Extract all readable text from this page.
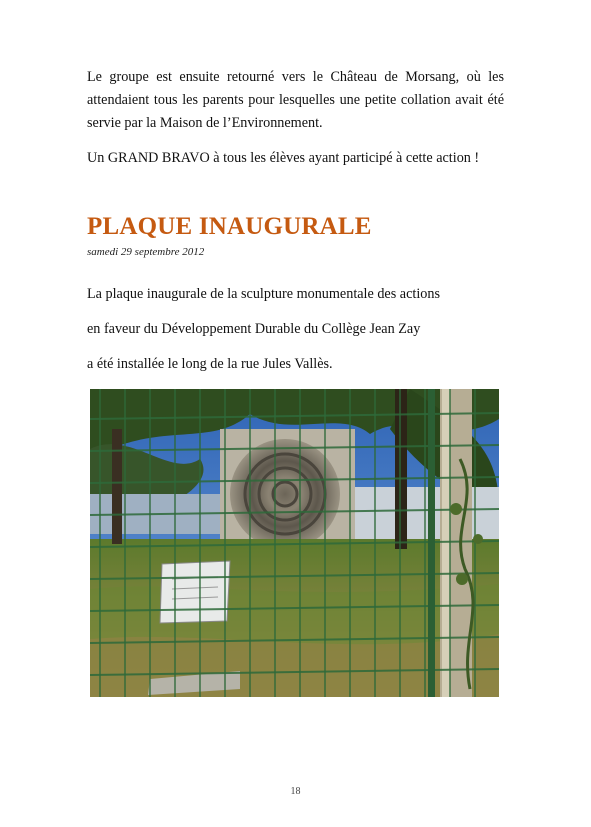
Le groupe est ensuite retourné vers le Château de Morsang, où les attendaient tous les parents pour lesquelles une petite collation avait été servie par la Maison de l’Environnement.

Un GRAND BRAVO à tous les élèves ayant participé à cette action !

PLAQUE INAUGURALE
samedi 29 septembre 2012
La plaque inaugurale de la sculpture monumentale des actions
en faveur du Développement Durable du Collège Jean Zay
a été installée le long de la rue Jules Vallès.
18
